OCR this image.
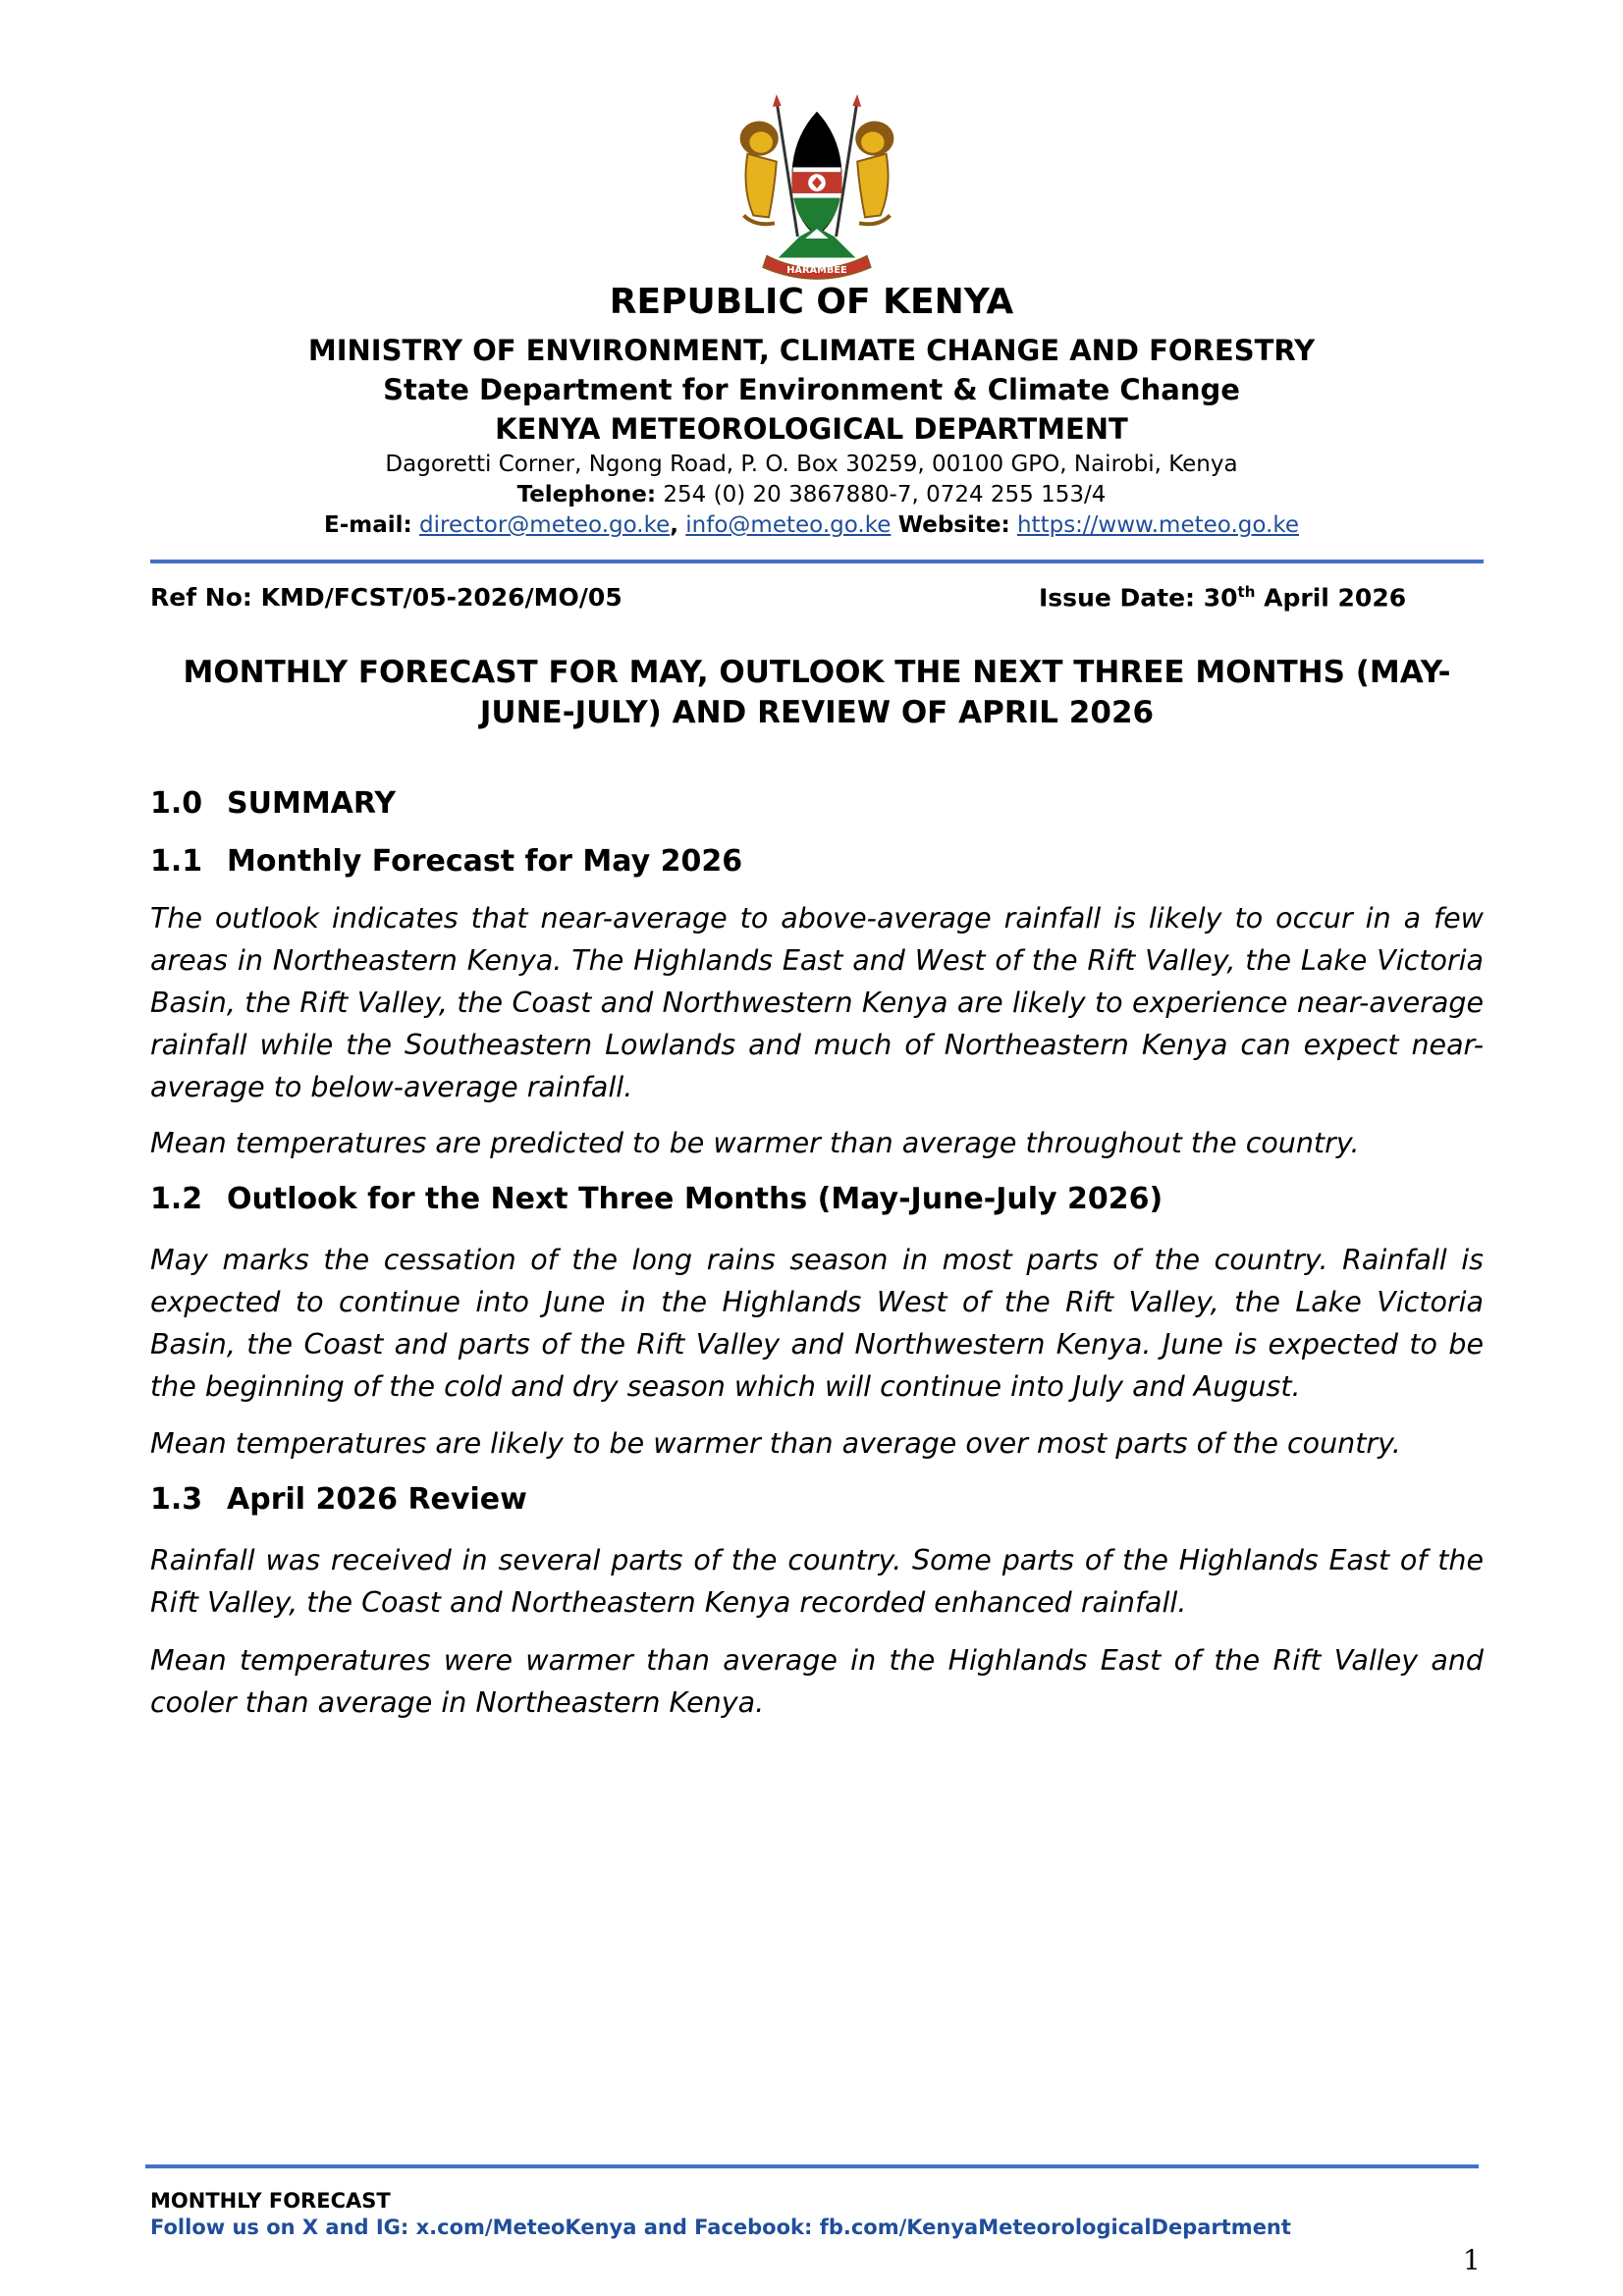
HARAMBEE
REPUBLIC OF KENYA
MINISTRY OF ENVIRONMENT, CLIMATE CHANGE AND FORESTRY
State Department for Environment & Climate Change
KENYA METEOROLOGICAL DEPARTMENT
Dagoretti Corner, Ngong Road, P. O. Box 30259, 00100 GPO, Nairobi, Kenya
Telephone: 254 (0) 20 3867880-7, 0724 255 153/4
E-mail: director@meteo.go.ke, info@meteo.go.ke Website: https://www.meteo.go.ke
Ref No: KMD/FCST/05-2026/MO/05	Issue Date: 30th April 2026
MONTHLY FORECAST FOR MAY, OUTLOOK THE NEXT THREE MONTHS (MAY-JUNE-JULY) AND REVIEW OF APRIL 2026
1.0 SUMMARY
1.1 Monthly Forecast for May 2026

The outlook indicates that near-average to above-average rainfall is likely to occur in a few areas in Northeastern Kenya. The Highlands East and West of the Rift Valley, the Lake Victoria Basin, the Rift Valley, the Coast and Northwestern Kenya are likely to experience near-average rainfall while the Southeastern Lowlands and much of Northeastern Kenya can expect near-average to below-average rainfall.

Mean temperatures are predicted to be warmer than average throughout the country.

1.2 Outlook for the Next Three Months (May-June-July 2026)

May marks the cessation of the long rains season in most parts of the country. Rainfall is expected to continue into June in the Highlands West of the Rift Valley, the Lake Victoria Basin, the Coast and parts of the Rift Valley and Northwestern Kenya. June is expected to be the beginning of the cold and dry season which will continue into July and August.

Mean temperatures are likely to be warmer than average over most parts of the country.

1.3 April 2026 Review

Rainfall was received in several parts of the country. Some parts of the Highlands East of the Rift Valley, the Coast and Northeastern Kenya recorded enhanced rainfall.

Mean temperatures were warmer than average in the Highlands East of the Rift Valley and cooler than average in Northeastern Kenya.

MONTHLY FORECAST
Follow us on X and IG: x.com/MeteoKenya and Facebook: fb.com/KenyaMeteorologicalDepartment
1
